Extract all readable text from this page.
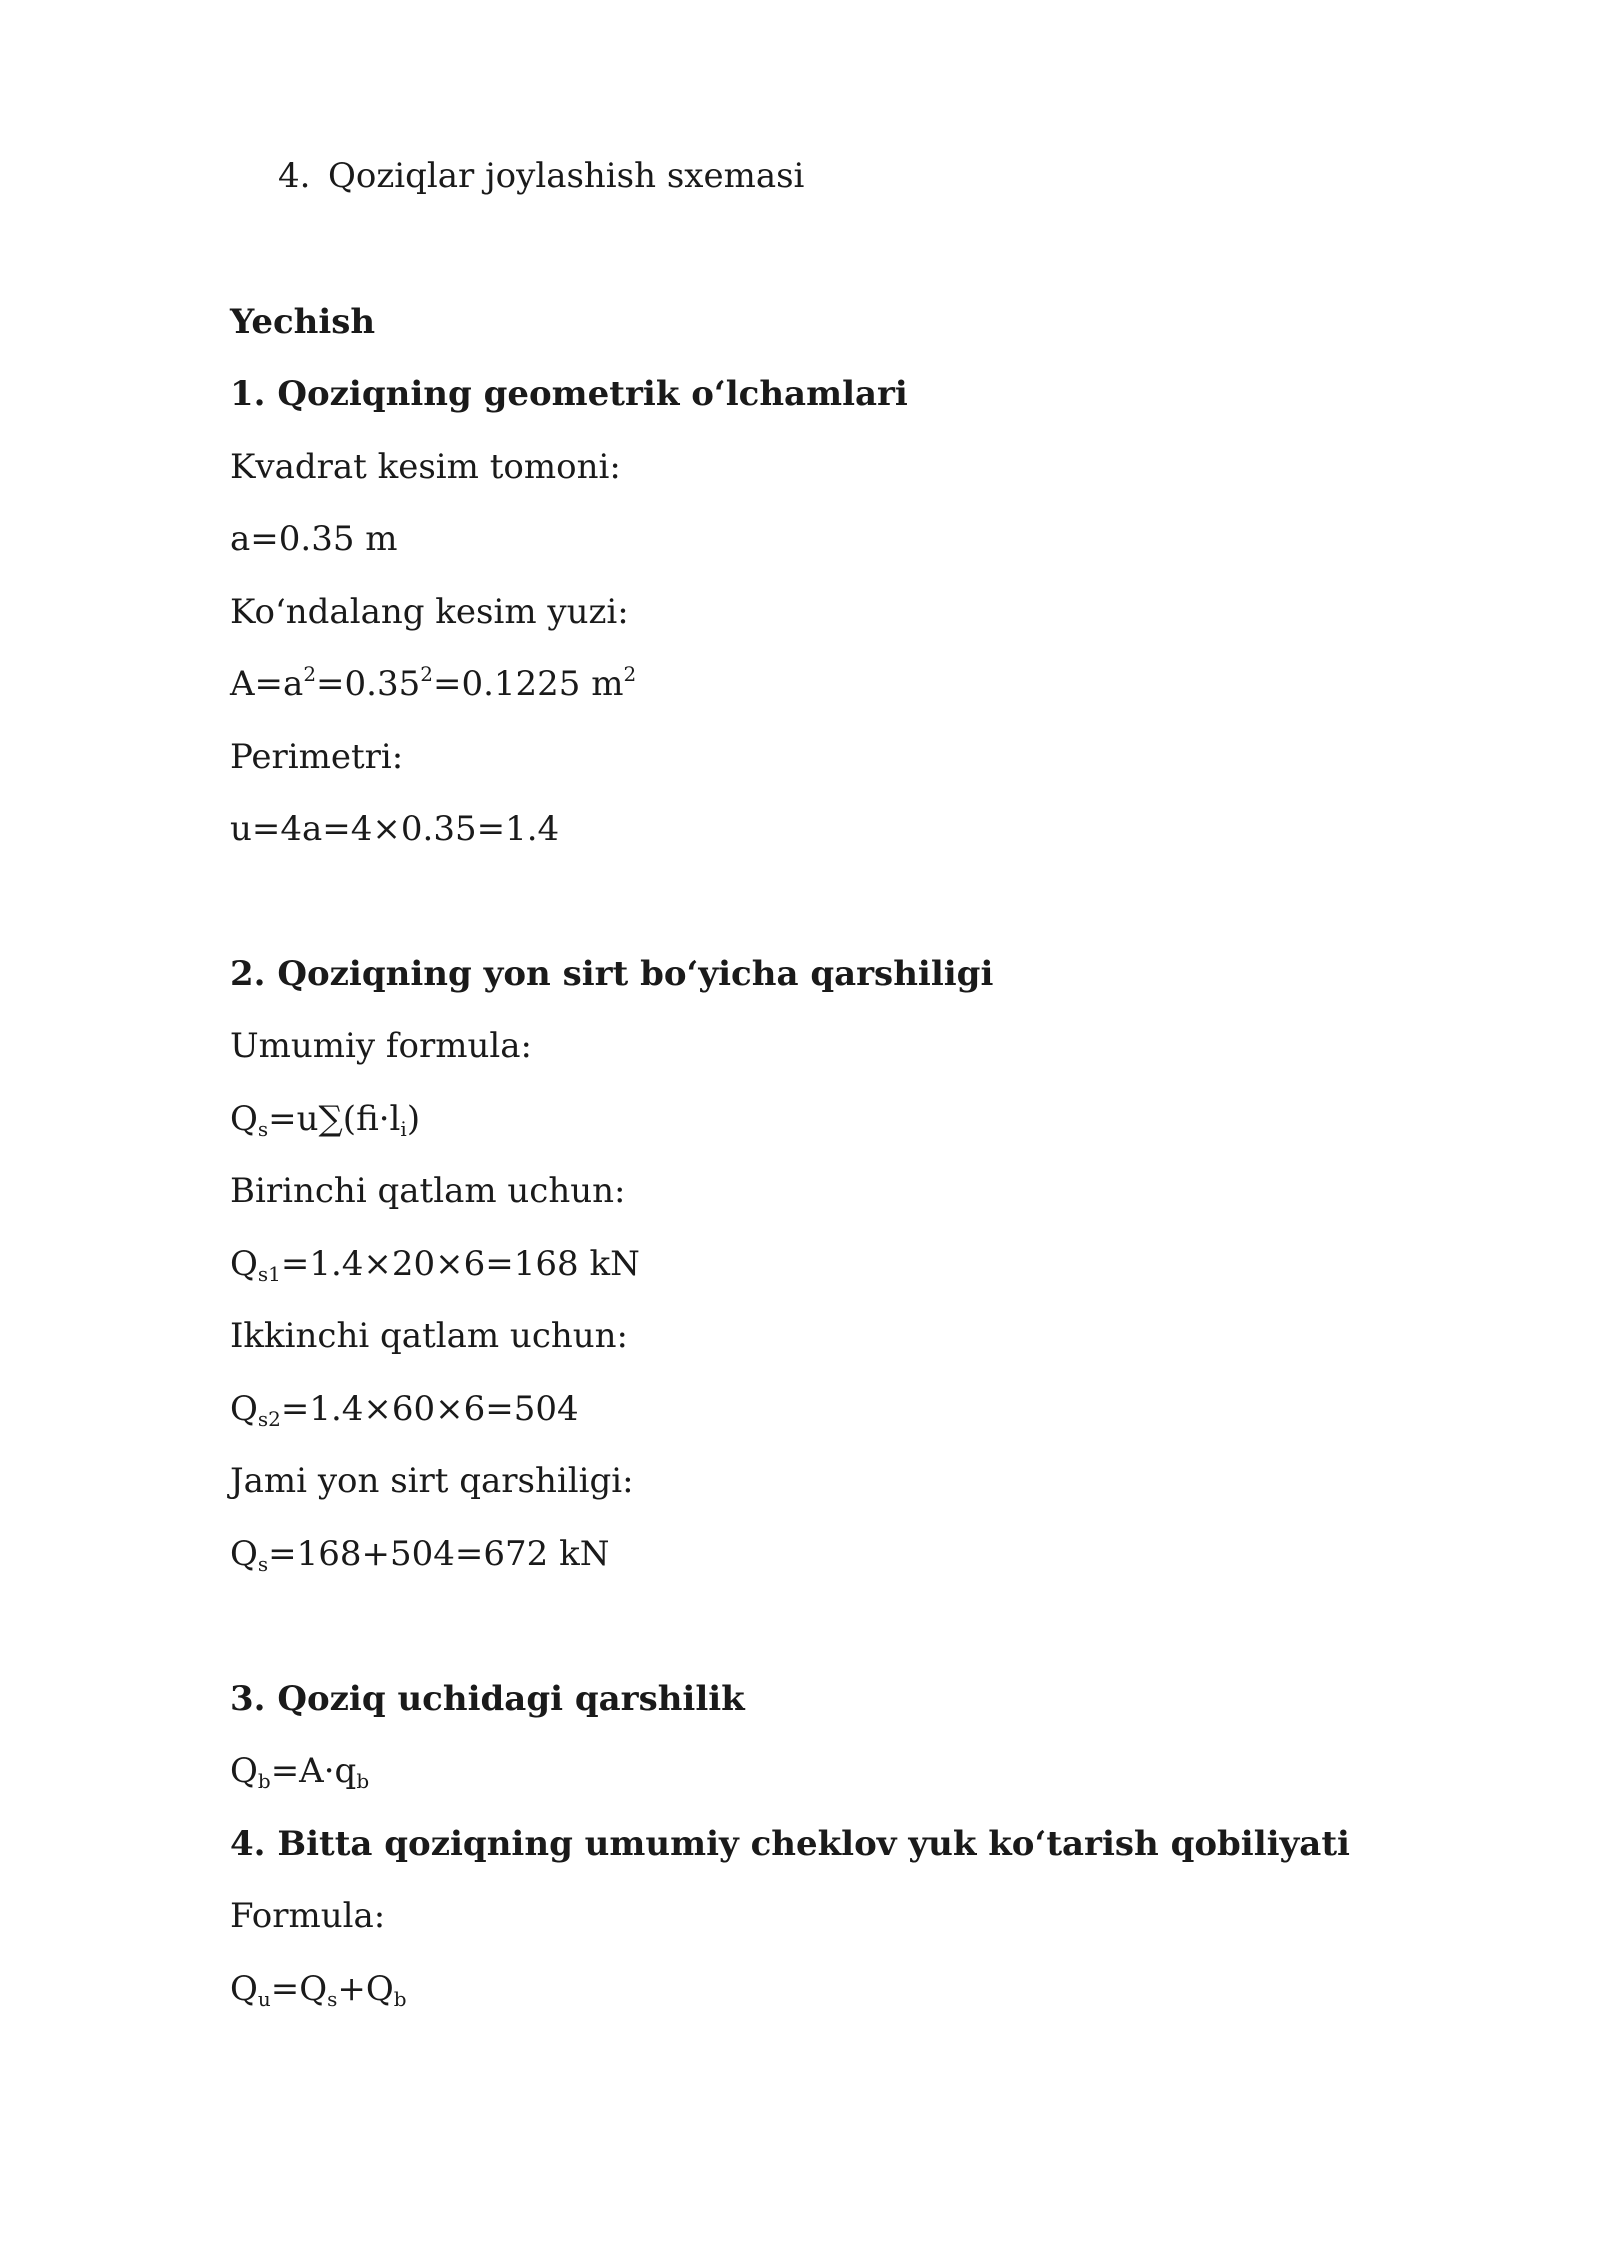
4. Qoziqlar joylashish sxemasi
Yechish
1. Qoziqning geometrik o‘lchamlari
Kvadrat kesim tomoni:
a=0.35 m
Ko‘ndalang kesim yuzi:
$A=a^2=0.35^2=0.1225$ $m^2$
Perimetri:
u=4a=4×0.35=1.4
2. Qoziqning yon sirt bo‘yicha qarshiligi
Umumiy formula:
$Q_s=u\sum(fi\cdot l_i)$
Birinchi qatlam uchun:
$Q_{s1}=1.4\times 20\times 6=168$ kN
Ikkinchi qatlam uchun:
$Q_{s2}=1.4\times 60\times 6=504$
Jami yon sirt qarshiligi:
$Q_s=168+504=672$ kN
3. Qoziq uchidagi qarshilik
$Q_b=A\cdot q_b$
4. Bitta qoziqning umumiy cheklov yuk ko‘tarish qobiliyati
Formula:
$Q_u=Q_s+Q_b$
